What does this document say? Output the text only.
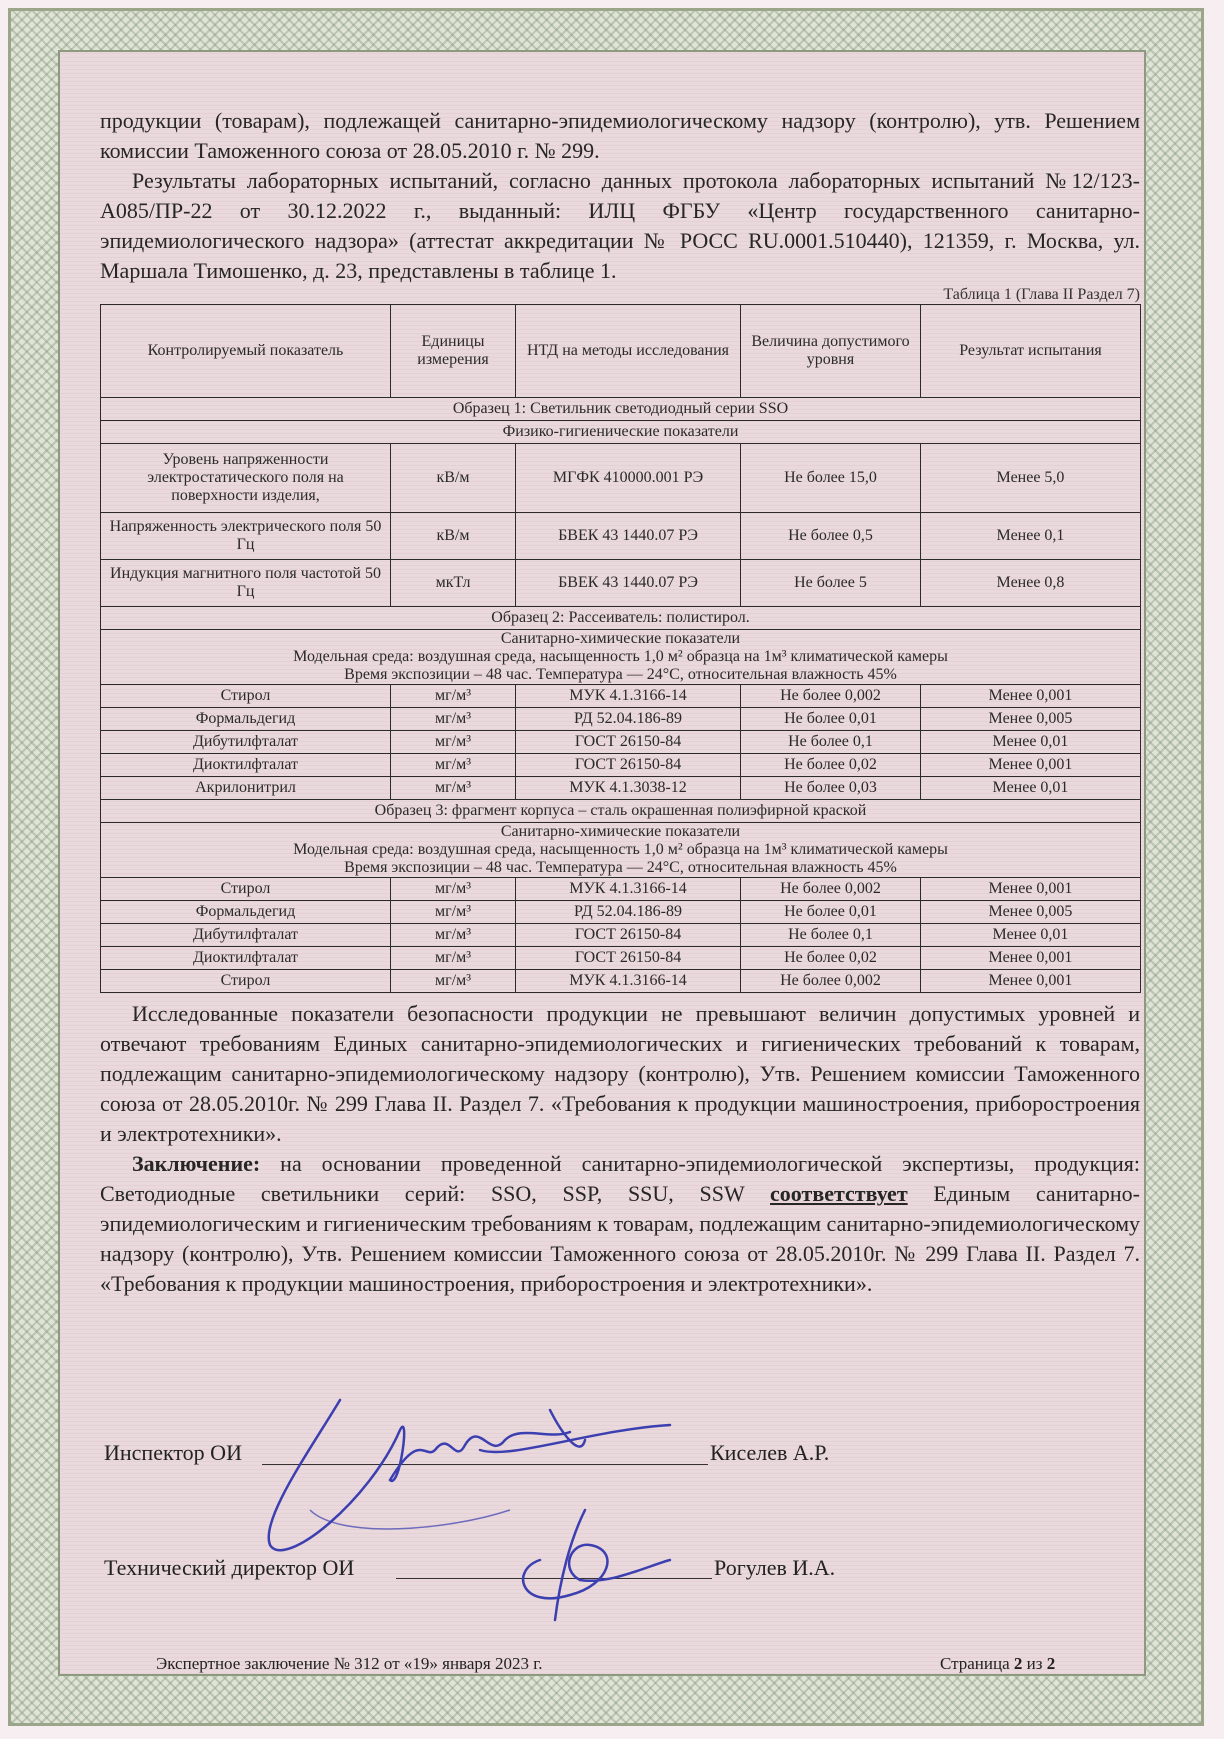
продукции (товарам), подлежащей санитарно-эпидемиологическому надзору (контролю), утв. Решением комиссии Таможенного союза от 28.05.2010 г. № 299.

Результаты лабораторных испытаний, согласно данных протокола лабораторных испытаний №12/123-А085/ПР-22 от 30.12.2022 г., выданный: ИЛЦ ФГБУ «Центр государственного санитарно-эпидемиологического надзора» (аттестат аккредитации № РОСС RU.0001.510440), 121359, г. Москва, ул. Маршала Тимошенко, д. 23, представлены в таблице 1.

Таблица 1 (Глава II Раздел 7)
Контролируемый показатель	Единицы измерения	НТД на методы исследования	Величина допустимого уровня	Результат испытания
Образец 1: Светильник светодиодный серии SSO				
Физико-гигиенические показатели				
Уровень напряженности электростатического поля на поверхности изделия,	кВ/м	МГФК 410000.001 РЭ	Не более 15,0	Менее 5,0
Напряженность электрического поля 50 Гц	кВ/м	БВЕК 43 1440.07 РЭ	Не более 0,5	Менее 0,1
Индукция магнитного поля частотой 50 Гц	мкТл	БВЕК 43 1440.07 РЭ	Не более 5	Менее 0,8
Образец 2: Рассеиватель: полистирол.				

Санитарно-химические показатели
Модельная среда: воздушная среда, насыщенность 1,0 м² образца на 1м³ климатической камеры
Время экспозиции – 48 час. Температура — 24°С, относительная влажность 45%				

Стирол	мг/м³	МУК 4.1.3166-14	Не более 0,002	Менее 0,001
Формальдегид	мг/м³	РД 52.04.186-89	Не более 0,01	Менее 0,005
Дибутилфталат	мг/м³	ГОСТ 26150-84	Не более 0,1	Менее 0,01
Диоктилфталат	мг/м³	ГОСТ 26150-84	Не более 0,02	Менее 0,001
Акрилонитрил	мг/м³	МУК 4.1.3038-12	Не более 0,03	Менее 0,01
Образец 3: фрагмент корпуса – сталь окрашенная полиэфирной краской				

Санитарно-химические показатели
Модельная среда: воздушная среда, насыщенность 1,0 м² образца на 1м³ климатической камеры
Время экспозиции – 48 час. Температура — 24°С, относительная влажность 45%				

Стирол	мг/м³	МУК 4.1.3166-14	Не более 0,002	Менее 0,001
Формальдегид	мг/м³	РД 52.04.186-89	Не более 0,01	Менее 0,005
Дибутилфталат	мг/м³	ГОСТ 26150-84	Не более 0,1	Менее 0,01
Диоктилфталат	мг/м³	ГОСТ 26150-84	Не более 0,02	Менее 0,001
Стирол	мг/м³	МУК 4.1.3166-14	Не более 0,002	Менее 0,001

Исследованные показатели безопасности продукции не превышают величин допустимых уровней и отвечают требованиям Единых санитарно-эпидемиологических и гигиенических требований к товарам, подлежащим санитарно-эпидемиологическому надзору (контролю), Утв. Решением комиссии Таможенного союза от 28.05.2010г. № 299 Глава II. Раздел 7. «Требования к продукции машиностроения, приборостроения и электротехники».

Заключение: на основании проведенной санитарно-эпидемиологической экспертизы, продукция: Светодиодные светильники серий: SSO, SSP, SSU, SSW соответствует Единым санитарно-эпидемиологическим и гигиеническим требованиям к товарам, подлежащим санитарно-эпидемиологическому надзору (контролю), Утв. Решением комиссии Таможенного союза от 28.05.2010г. № 299 Глава II. Раздел 7. «Требования к продукции машиностроения, приборостроения и электротехники».

Инспектор ОИ	Киселев А.Р.
Технический директор ОИ	Рогулев И.А.
Экспертное заключение № 312 от «19» января 2023 г.	Страница 2 из 2
